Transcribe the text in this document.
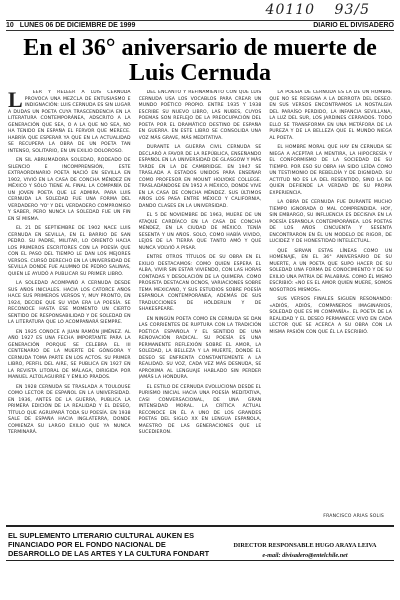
40110 93/5
10 LUNES 06 DE DICIEMBRE DE 1999	DIARIO EL DIVISADERO
En el 36° aniversario de muerte de Luis Cernuda

L EER Y RELEER A LUIS CERNUDA PROVOCA UNA MEZCLA DE ENTUSIASMO E INDIGNACIÓN: LUIS CERNUDA ES SIN LUGAR A DUDAS UN POETA CUYA TRASCENDENCIA EN LA LITERATURA CONTEMPORÁNEA, ADSCRITO A LA GENERACIÓN QUE SEA, O A LA QUE NO SEA, NO HA TENIDO EN ESPAÑA EL FERVOR QUE MERECE. HABRÍA QUE ESPERAR YA QUE EN LA ACTUALIDAD SE RECUPERA LA OBRA DE UN POETA TAN INTENSO, SOLITARIO, EN UN EXILIO DOLOROSO.

EN SIL ABRUMADORA SOLEDAD, RODEADO DE SILENCIO E INCOMPRENSIÓN, ESTE EXTRAORDINARIO POETA NACIÓ EN SEVILLA EN 1902, VIVIÓ EN LA CASA DE CONCHA MÉNDEZ EN MÉXICO Y SÓLO TIENE AL FINAL LA COMPAÑÍA DE UN JOVEN POETA QUE LE ADMIRA. PARA LUIS CERNUDA LA SOLEDAD FUE UNA FORMA DEL VERDADERO 'YO' Y DEL VERDADERO COMPROMISO Y SABER, PERO NUNCA LA SOLEDAD FUE UN FIN EN SÍ MISMA.

EL 21 DE SEPTIEMBRE DE 1902 NACE LUIS CERNUDA EN SEVILLA, EN EL BARRIO DE SAN PEDRO. SU PADRE, MILITAR, LO ORIENTÓ HACIA LOS PRIMEROS ESCRITORES CON LA POESÍA QUE CON EL PASO DEL TIEMPO LE DAN LOS MEJORES VERSOS. CURSÓ DERECHO EN LA UNIVERSIDAD DE SEVILLA DONDE FUE ALUMNO DE PEDRO SALINAS, QUIEN LE AYUDÓ A PUBLICAR SU PRIMER LIBRO.

LA SOLEDAD ACOMPAÑÓ A CERNUDA DESDE SUS AÑOS INICIALES. HACIA LOS CATORCE AÑOS HACE SUS PRIMEROS VERSOS Y, MUY PRONTO, EN 1924, DECIDE QUE SU VIDA ERA LA POESÍA. SE RECONOCE HASTA ESE MOMENTO UN CIERTO SENTIDO DE RESPONSABILIDAD Y DE SOLEDAD EN LA LITERATURA QUE LO ACOMPAÑARÁ SIEMPRE.

EN 1925 CONOCE A JUAN RAMÓN JIMÉNEZ. AL AÑO 1927 ES UNA FECHA IMPORTANTE PARA LA GENERACIÓN PORQUE SE CELEBRA EL III CENTENARIO DE LA MUERTE DE GÓNGORA Y CERNUDA TOMA PARTE EN LOS ACTOS. SU PRIMER LIBRO, PERFIL DEL AIRE, SE PUBLICA EN 1927 EN LA REVISTA LITORAL DE MÁLAGA, DIRIGIDA POR MANUEL ALTOLAGUIRRE Y EMILIO PRADOS.

EN 1928 CERNUDA SE TRASLADA A TOULOUSE COMO LECTOR DE ESPAÑOL EN LA UNIVERSIDAD. EN 1936, ANTES DE LA GUERRA, PUBLICA LA PRIMERA EDICIÓN DE LA REALIDAD Y EL DESEO, TÍTULO QUE AGRUPARÁ TODA SU POESÍA. EN 1938 SALE DE ESPAÑA HACIA INGLATERRA, DONDE COMIENZA SU LARGO EXILIO QUE YA NUNCA TERMINARÁ.

DEL ENCANTO Y REFINAMIENTO CON QUE LUIS CERNUDA USA LOS VOCABLOS PARA CREAR UN MUNDO POÉTICO PROPIO. ENTRE 1935 Y 1938 ESCRIBE SU NUEVO LIBRO, LAS NUBES, CUYOS POEMAS SON REFLEJO DE LA PREOCUPACIÓN DEL POETA POR EL DRAMÁTICO DESTINO DE ESPAÑA EN GUERRA. EN ESTE LIBRO SE CONSOLIDA UNA VOZ MÁS GRAVE, MÁS MEDITATIVA.

DURANTE LA GUERRA CIVIL CERNUDA SE DECLARÓ A FAVOR DE LA REPÚBLICA, ENSEÑANDO ESPAÑOL EN LA UNIVERSIDAD DE GLASGOW Y MÁS TARDE EN LA DE CAMBRIDGE. EN 1947 SE TRASLADA A ESTADOS UNIDOS PARA ENSEÑAR COMO PROFESOR EN MOUNT HOLYOKE COLLEGE. TRASLADÁNDOSE EN 1952 A MÉXICO, DONDE VIVE EN LA CASA DE CONCHA MÉNDEZ. SUS ÚLTIMOS AÑOS LOS PASA ENTRE MÉXICO Y CALIFORNIA, DANDO CLASES EN LA UNIVERSIDAD.

EL 5 DE NOVIEMBRE DE 1963, MUERE DE UN ATAQUE CARDÍACO EN LA CASA DE CONCHA MÉNDEZ, EN LA CIUDAD DE MÉXICO. TENÍA SESENTA Y UN AÑOS. SOLO, COMO HABÍA VIVIDO, LEJOS DE LA TIERRA QUE TANTO AMÓ Y QUE NUNCA VOLVIÓ A PISAR.

ENTRE OTROS TÍTULOS DE SU OBRA EN EL EXILIO DESTACAMOS: COMO QUIEN ESPERA EL ALBA, VIVIR SIN ESTAR VIVIENDO, CON LAS HORAS CONTADAS Y DESOLACIÓN DE LA QUIMERA. COMO PROSISTA DESTACAN OCNOS, VARIACIONES SOBRE TEMA MEXICANO, Y SUS ESTUDIOS SOBRE POESÍA ESPAÑOLA CONTEMPORÁNEA, ADEMÁS DE SUS TRADUCCIONES DE HÖLDERLIN Y DE SHAKESPEARE.

EN NINGÚN POETA COMO EN CERNUDA SE DAN LAS CORRIENTES DE RUPTURA CON LA TRADICIÓN POÉTICA ESPAÑOLA Y EL SENTIDO DE UNA RENOVACIÓN RADICAL. SU POESÍA ES UNA PERMANENTE REFLEXIÓN SOBRE EL AMOR, LA SOLEDAD, LA BELLEZA Y LA MUERTE, DONDE EL DESEO SE ENFRENTA CONSTANTEMENTE A LA REALIDAD. SU VOZ, CADA VEZ MÁS DESNUDA, SE APROXIMA AL LENGUAJE HABLADO SIN PERDER JAMÁS LA HONDURA.

EL ESTILO DE CERNUDA EVOLUCIONA DESDE EL PURISMO INICIAL HACIA UNA POESÍA MEDITATIVA, CASI CONVERSACIONAL, DE UNA GRAN INTENSIDAD MORAL. LA CRÍTICA ACTUAL RECONOCE EN ÉL A UNO DE LOS GRANDES POETAS DEL SIGLO XX EN LENGUA ESPAÑOLA, MAESTRO DE LAS GENERACIONES QUE LE SUCEDIERON.

LA POESÍA DE CERNUDA ES LA DE UN HOMBRE QUE NO SE RESIGNA A LA DERROTA DEL DESEO. EN SUS VERSOS ENCONTRAMOS LA NOSTALGIA DEL PARAÍSO PERDIDO, LA INFANCIA SEVILLANA, LA LUZ DEL SUR, LOS JARDINES CERRADOS. TODO ELLO SE TRANSFORMA EN UNA METÁFORA DE LA PUREZA Y DE LA BELLEZA QUE EL MUNDO NIEGA AL POETA.

EL HOMBRE MORAL QUE HAY EN CERNUDA SE NIEGA A ACEPTAR LA MENTIRA, LA HIPOCRESÍA Y EL CONFORMISMO DE LA SOCIEDAD DE SU TIEMPO. POR ESO SU OBRA HA SIDO LEÍDA COMO UN TESTIMONIO DE REBELDÍA Y DE DIGNIDAD. SU ACTITUD NO ES LA DEL RESENTIDO, SINO LA DE QUIEN DEFIENDE LA VERDAD DE SU PROPIA EXPERIENCIA.

LA OBRA DE CERNUDA FUE DURANTE MUCHO TIEMPO IGNORADA O MAL COMPRENDIDA. HOY, SIN EMBARGO, SU INFLUENCIA ES DECISIVA EN LA POESÍA ESPAÑOLA CONTEMPORÁNEA. LOS POETAS DE LOS AÑOS CINCUENTA Y SESENTA ENCONTRARON EN ÉL UN MODELO DE RIGOR, DE LUCIDEZ Y DE HONESTIDAD INTELECTUAL.

QUE SIRVAN ESTAS LÍNEAS COMO UN HOMENAJE, EN EL 36° ANIVERSARIO DE SU MUERTE, A UN POETA QUE SUPO HACER DE SU SOLEDAD UNA FORMA DE CONOCIMIENTO Y DE SU EXILIO UNA PATRIA DE PALABRAS. COMO ÉL MISMO ESCRIBIÓ: «NO ES EL AMOR QUIEN MUERE, SOMOS NOSOTROS MISMOS».

SUS VERSOS FINALES SIGUEN RESONANDO: «ADIÓS, ADIÓS, COMPAÑEROS IMAGINARIOS, SOLEDAD QUE ES MI COMPAÑÍA». EL POETA DE LA REALIDAD Y EL DESEO PERMANECE VIVO EN CADA LECTOR QUE SE ACERCA A SU OBRA CON LA MISMA PASIÓN CON QUE ÉL LA ESCRIBIÓ.

FRANCISCO ARIAS SOLIS
EL SUPLEMENTO LITERARIO CULTURAL AUKEN ES FINANCIADO POR EL FONDO NACIONAL DE DESARROLLO DE LAS ARTES Y LA CULTURA FONDART
DIRECTOR RESPONSABLE HUGO ARAYA LEIVA
e-mail: divisadero@entelchile.net
